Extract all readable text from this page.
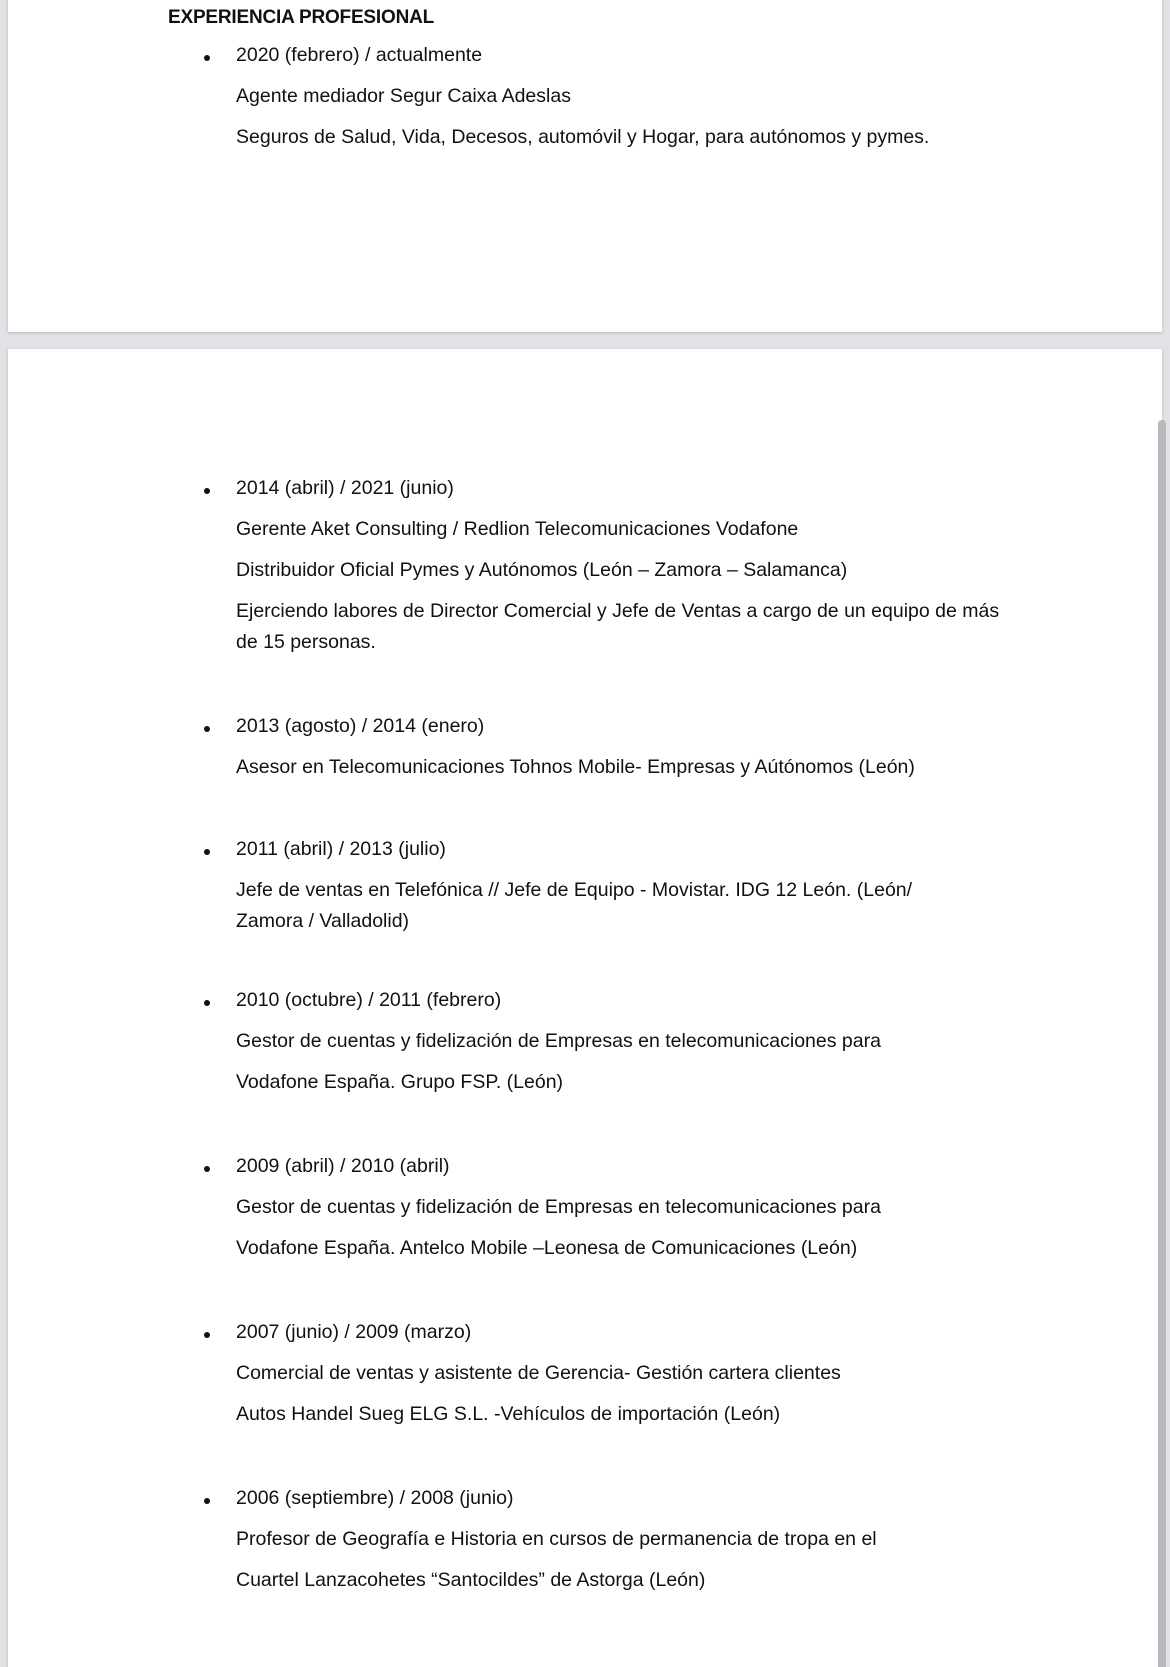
EXPERIENCIA PROFESIONAL
2020 (febrero) / actualmente
Agente mediador Segur Caixa Adeslas
Seguros de Salud, Vida, Decesos, automóvil y Hogar, para autónomos y pymes.
2014 (abril) / 2021 (junio)
Gerente Aket Consulting / Redlion Telecomunicaciones Vodafone
Distribuidor Oficial Pymes y Autónomos (León – Zamora – Salamanca)
Ejerciendo labores de Director Comercial y Jefe de Ventas a cargo de un equipo de más de 15 personas.
2013 (agosto) / 2014 (enero)
Asesor en Telecomunicaciones Tohnos Mobile- Empresas y Aútónomos (León)
2011 (abril) / 2013 (julio)
Jefe de ventas en Telefónica // Jefe de Equipo - Movistar. IDG 12 León. (León/ Zamora / Valladolid)
2010 (octubre) / 2011 (febrero)
Gestor de cuentas y fidelización de Empresas en telecomunicaciones para
Vodafone España. Grupo FSP. (León)
2009 (abril) / 2010 (abril)
Gestor de cuentas y fidelización de Empresas en telecomunicaciones para
Vodafone España. Antelco Mobile –Leonesa de Comunicaciones (León)
2007 (junio) / 2009 (marzo)
Comercial de ventas y asistente de Gerencia- Gestión cartera clientes
Autos Handel Sueg ELG S.L. -Vehículos de importación (León)
2006 (septiembre) / 2008 (junio)
Profesor de Geografía e Historia en cursos de permanencia de tropa en el
Cuartel Lanzacohetes “Santocildes” de Astorga (León)
